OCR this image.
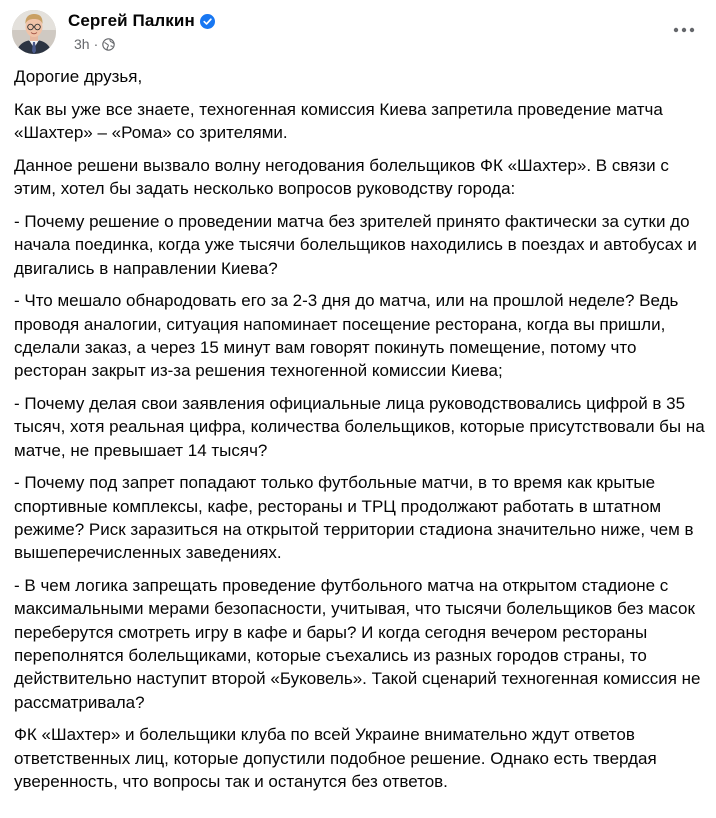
Сергей Палкин
3h ·

Дорогие друзья,

Как вы уже все знаете, техногенная комиссия Киева запретила проведение матча «Шахтер» – «Рома» со зрителями.

Данное решени вызвало волну негодования болельщиков ФК «Шахтер». В связи с этим, хотел бы задать несколько вопросов руководству города:

- Почему решение о проведении матча без зрителей принято фактически за сутки до начала поединка, когда уже тысячи болельщиков находились в поездах и автобусах и двигались в направлении Киева?

- Что мешало обнародовать его за 2-3 дня до матча, или на прошлой неделе? Ведь проводя аналогии, ситуация напоминает посещение ресторана, когда вы пришли, сделали заказ, а через 15 минут вам говорят покинуть помещение, потому что ресторан закрыт из-за решения техногенной комиссии Киева;

- Почему делая свои заявления официальные лица руководствовались цифрой в 35 тысяч, хотя реальная цифра, количества болельщиков, которые присутствовали бы на матче, не превышает 14 тысяч?

- Почему под запрет попадают только футбольные матчи, в то время как крытые спортивные комплексы, кафе, рестораны и ТРЦ продолжают работать в штатном режиме? Риск заразиться на открытой территории стадиона значительно ниже, чем в вышеперечисленных заведениях.

- В чем логика запрещать проведение футбольного матча на открытом стадионе с максимальными мерами безопасности, учитывая, что тысячи болельщиков без масок переберутся смотреть игру в кафе и бары? И когда сегодня вечером рестораны переполнятся болельщиками, которые съехались из разных городов страны, то действительно наступит второй «Буковель». Такой сценарий техногенная комиссия не рассматривала?

ФК «Шахтер» и болельщики клуба по всей Украине внимательно ждут ответов ответственных лиц, которые допустили подобное решение. Однако есть твердая уверенность, что вопросы так и останутся без ответов.
